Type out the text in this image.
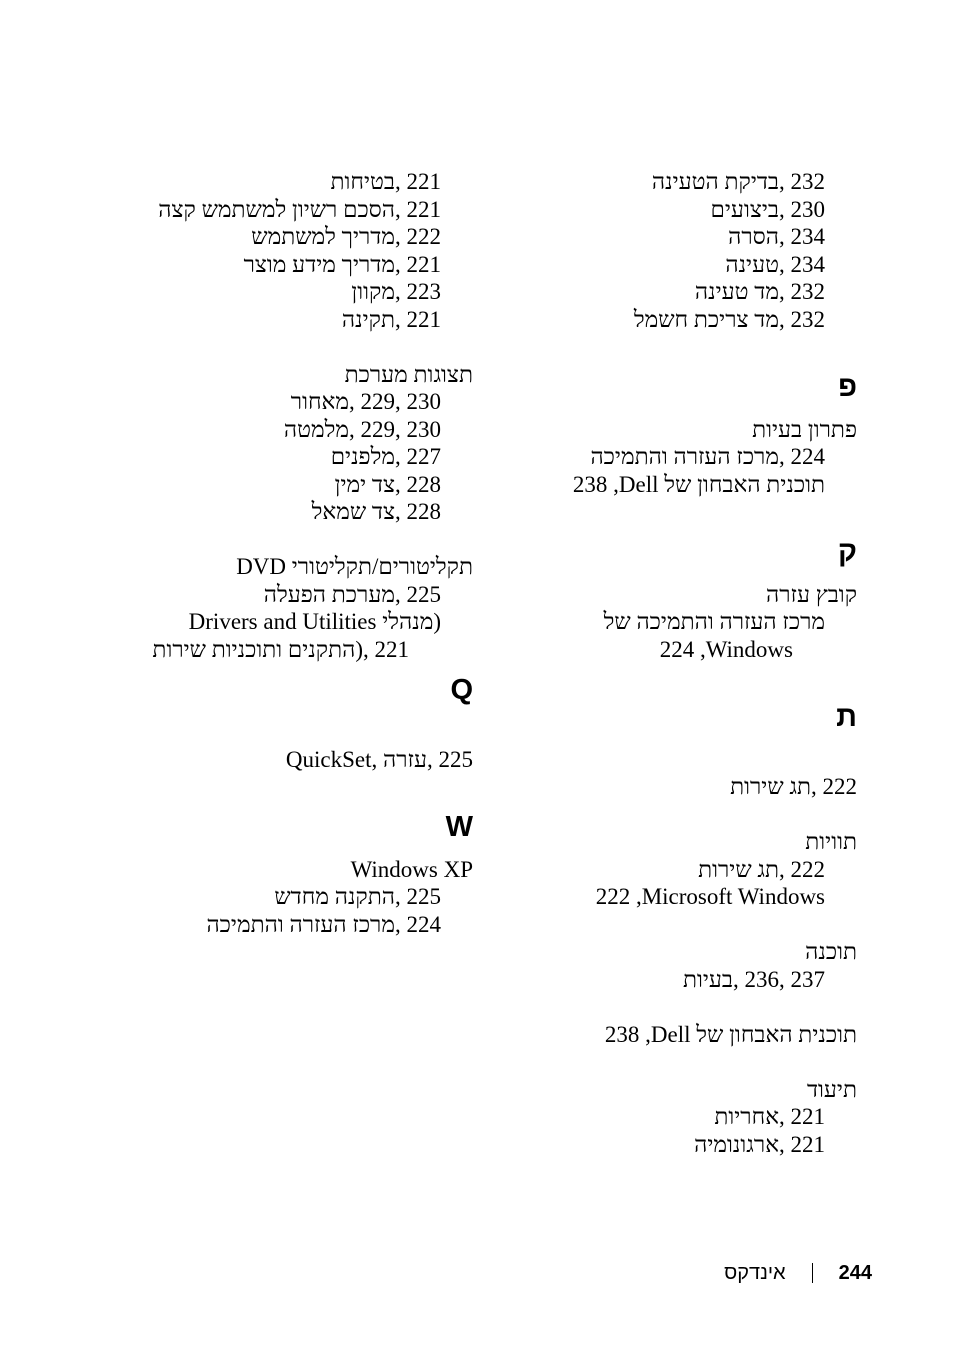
232 ,בדיקת הטעינה
230 ,ביצועים
234 ,הסרה
234 ,טעינה
232 ,מד טעינה
232 ,מד צריכת חשמל
פ
פתרון בעיות
224 ,מרכז העזרה והתמיכה
238 ,Dell תוכנית האבחון של
ק
קובץ עזרה
מרכז העזרה והתמיכה של
224 ,Windows
ת
222 ,תג שירות
תוויות
222 ,תג שירות
222 ,Microsoft Windows
תוכנה
237 ,236 ,בעיות
238 ,Dell תוכנית האבחון של
תיעוד
221 ,אחריות
221 ,ארגונומיה
221 ,בטיחות
221 ,הסכם רשיון למשתמש קצה
222 ,מדריך למשתמש
221 ,מדריך מידע מוצר
223 ,מקוון
221 ,תקינה
תצוגות מערכת
230 ,229 ,מאחור
230 ,229 ,מלמטה
227 ,מלפנים
228 ,צד ימין
228 ,צד שמאל
תקליטורים/תקליטורי DVD
225 ,מערכת הפעלה
(מנהלי Drivers and Utilities
221 ,(התקנים ותוכניות שירות
Q
225 ,עזרה ,QuickSet
W
Windows XP
225 ,התקנה מחדש
224 ,מרכז העזרה והתמיכה
244
אינדקס
